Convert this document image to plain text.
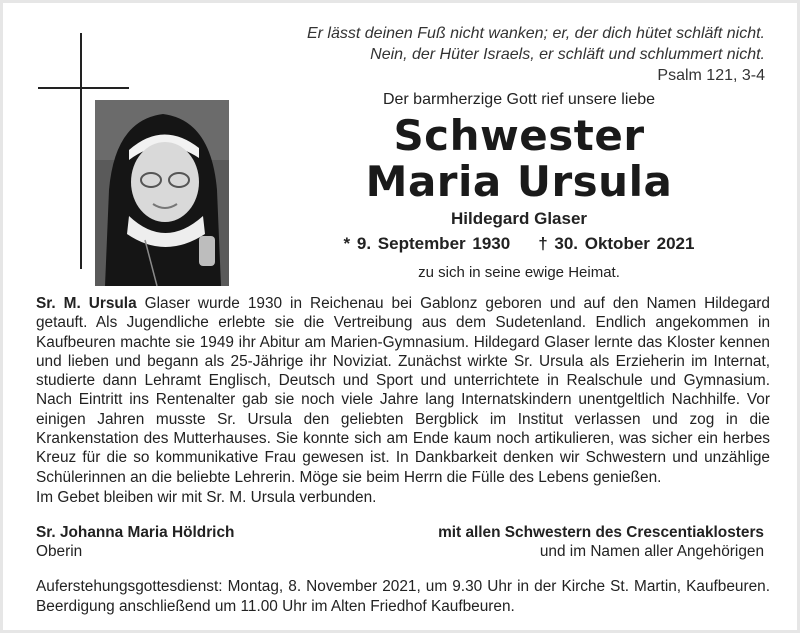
Er lässt deinen Fuß nicht wanken; er, der dich hütet schläft nicht.
Nein, der Hüter Israels, er schläft und schlummert nicht.
Psalm 121, 3-4
Der barmherzige Gott rief unsere liebe
Schwester
Maria Ursula
Hildegard Glaser
* 9. September 1930 † 30. Oktober 2021
zu sich in seine ewige Heimat.
Sr. M. Ursula Glaser wurde 1930 in Reichenau bei Gablonz geboren und auf den Namen Hildegard getauft. Als Jugendliche erlebte sie die Vertreibung aus dem Sudetenland. Endlich angekommen in Kaufbeuren machte sie 1949 ihr Abitur am Marien-Gymnasium. Hildegard Glaser lernte das Kloster kennen und lieben und begann als 25-Jährige ihr Noviziat. Zunächst wirkte Sr. Ursula als Erzieherin im Internat, studierte dann Lehramt Englisch, Deutsch und Sport und unterrichtete in Realschule und Gymnasium. Nach Eintritt ins Rentenalter gab sie noch viele Jahre lang Internatskindern unentgeltlich Nachhilfe. Vor einigen Jahren musste Sr. Ursula den geliebten Bergblick im Institut verlassen und zog in die Krankenstation des Mutterhauses. Sie konnte sich am Ende kaum noch artikulieren, was sicher ein herbes Kreuz für die so kommunikative Frau gewesen ist. In Dankbarkeit denken wir Schwestern und unzählige Schülerinnen an die beliebte Lehrerin. Möge sie beim Herrn die Fülle des Lebens genießen.
Im Gebet bleiben wir mit Sr. M. Ursula verbunden.
Sr. Johanna Maria Höldrich
Oberin
mit allen Schwestern des Crescentiaklosters
und im Namen aller Angehörigen
Auferstehungsgottesdienst: Montag, 8. November 2021, um 9.30 Uhr in der Kirche St. Martin, Kaufbeuren. Beerdigung anschließend um 11.00 Uhr im Alten Friedhof Kaufbeuren.
